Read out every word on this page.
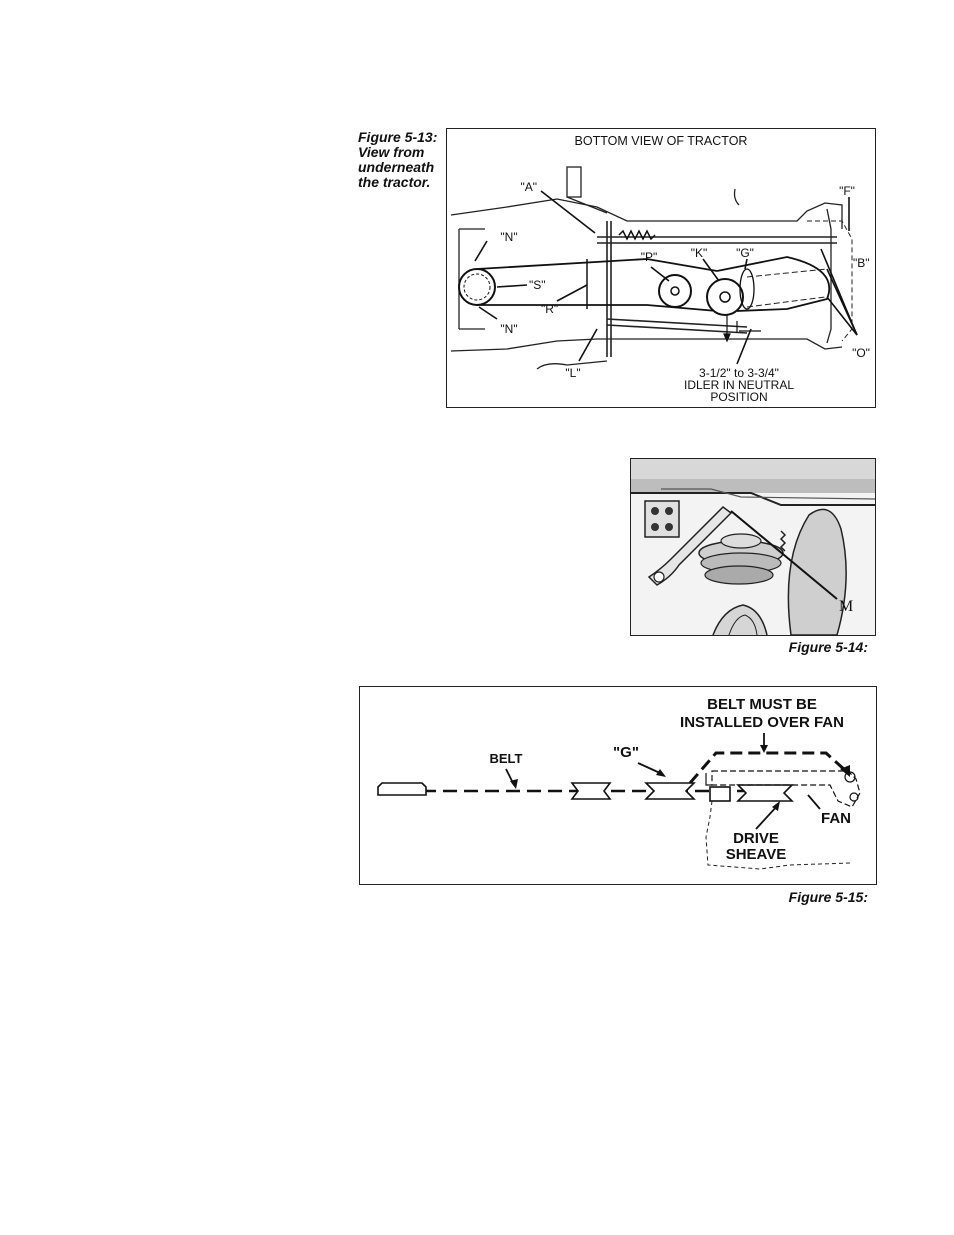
Figure 5-13:
View from
underneath
the tractor.
BOTTOM VIEW OF TRACTOR
"A"	"F"
"N"
"B"
"P"	"K" "G"
"S"
"R"
"N"
"L"
"O"
3-1/2" to 3-3/4"
IDLER IN NEUTRAL
POSITION
M
Figure 5-14:
BELT MUST BE
INSTALLED OVER FAN
BELT	"G"
FAN
DRIVE
SHEAVE
Figure 5-15:
